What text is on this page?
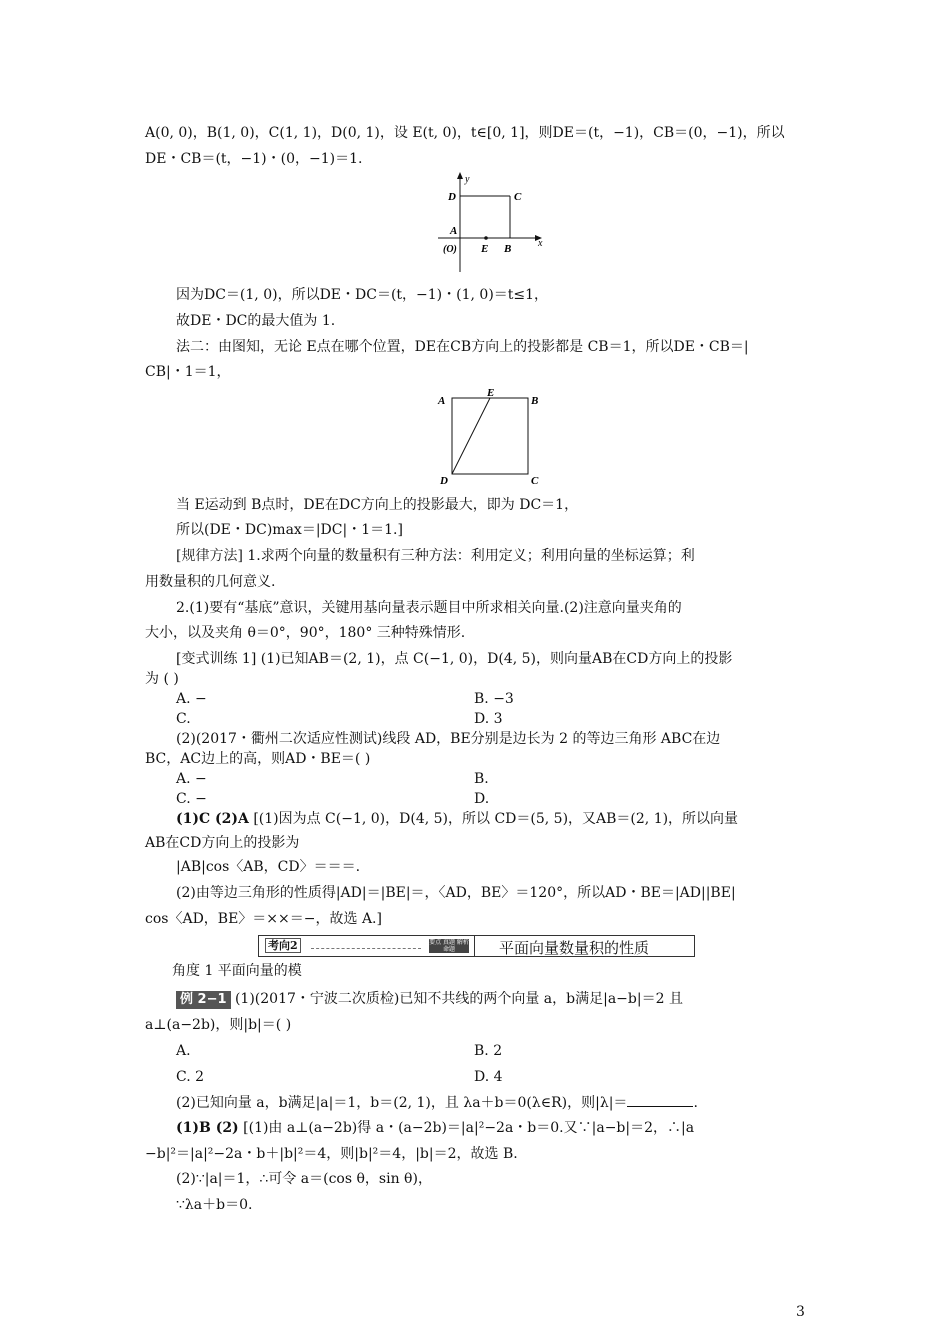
A(0, 0)，B(1, 0)，C(1, 1)，D(0, 1)，设 E(t, 0)，t∈[0, 1]，则DE＝(t，−1)，CB＝(0，−1)，所以
DE・CB＝(t，−1)・(0，−1)＝1.
y
x
D	C
A
(O) E B
因为DC＝(1, 0)，所以DE・DC＝(t，−1)・(1, 0)＝t≤1，
故DE・DC的最大值为 1.
法二：由图知，无论 E点在哪个位置，DE在CB方向上的投影都是 CB＝1，所以DE・CB＝|
CB|・1＝1，
A
E
B
D	C
当 E运动到 B点时，DE在DC方向上的投影最大，即为 DC＝1，
所以(DE・DC)max＝|DC|・1＝1.]
[规律方法] 1.求两个向量的数量积有三种方法：利用定义；利用向量的坐标运算；利
用数量积的几何意义.
2.(1)要有“基底”意识，关键用基向量表示题目中所求相关向量.(2)注意向量夹角的
大小，以及夹角 θ＝0°，90°，180° 三种特殊情形.
[变式训练 1] (1)已知AB＝(2, 1)，点 C(−1, 0)，D(4, 5)，则向量AB在CD方向上的投影
为 ( )
A. −	B. −3
C.	D. 3
(2)(2017・衢州二次适应性测试)线段 AD，BE分别是边长为 2 的等边三角形 ABC在边
BC，AC边上的高，则AD・BE＝( )
A. −	B.
C. −	D.
(1)C (2)A [(1)因为点 C(−1, 0)，D(4, 5)，所以 CD＝(5, 5)，又AB＝(2, 1)，所以向量
AB在CD方向上的投影为
|AB|cos〈AB，CD〉＝＝＝.
(2)由等边三角形的性质得|AD|＝|BE|＝，〈AD，BE〉＝120°，所以AD・BE＝|AD||BE|
cos〈AD，BE〉＝××＝−，故选 A.]
考向2	要点 真题 解析 命题	平面向量数量积的性质
角度 1 平面向量的模
例 2−1 (1)(2017・宁波二次质检)已知不共线的两个向量 a，b满足|a−b|＝2 且
a⊥(a−2b)，则|b|＝( )
A.	B. 2
C. 2	D. 4
(2)已知向量 a，b满足|a|＝1，b＝(2, 1)，且 λa＋b＝0(λ∈R)，则|λ|＝	.
(1)B (2) [(1)由 a⊥(a−2b)得 a・(a−2b)＝|a|²−2a・b＝0.又∵|a−b|＝2，∴|a
−b|²＝|a|²−2a・b＋|b|²＝4，则|b|²＝4，|b|＝2，故选 B.
(2)∵|a|＝1，∴可令 a＝(cos θ，sin θ)，
∵λa＋b＝0.
3
